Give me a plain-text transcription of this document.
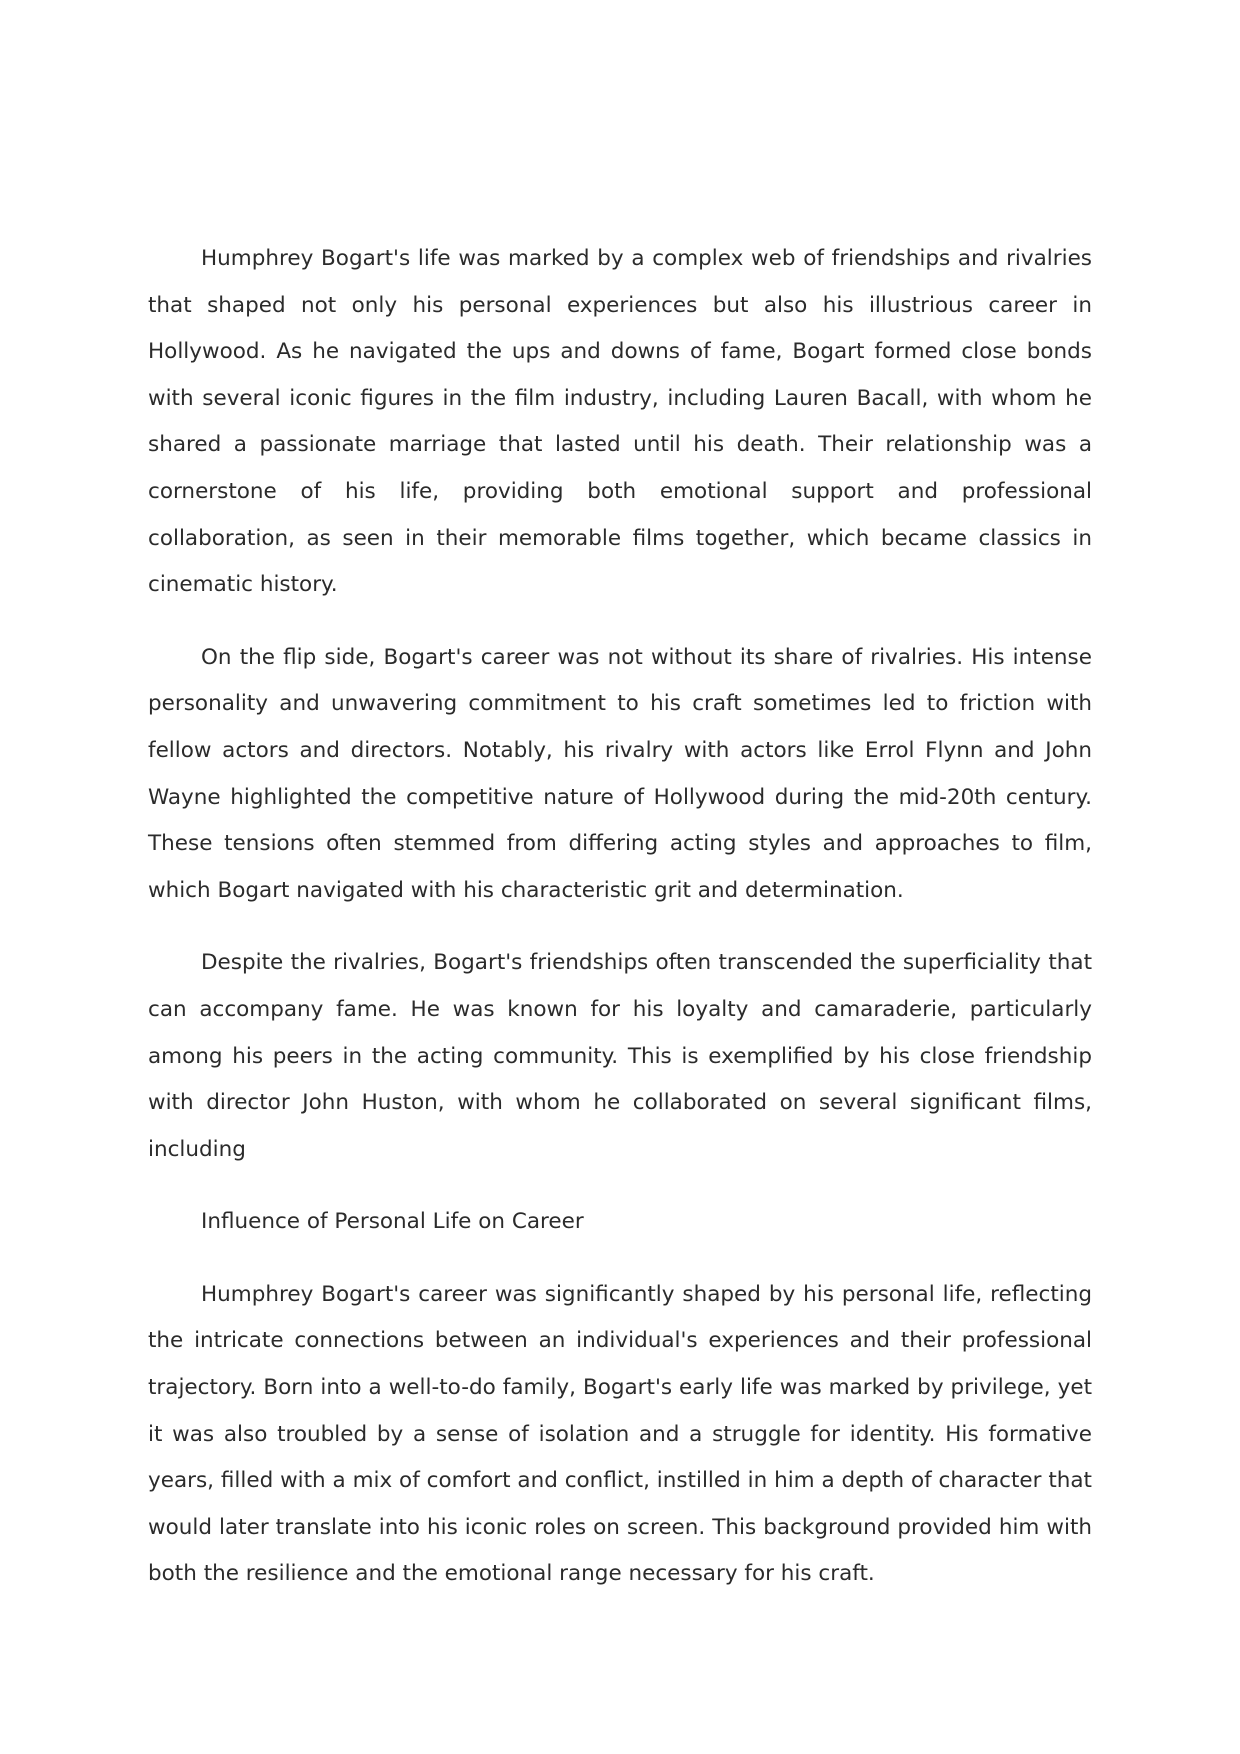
Humphrey Bogart's life was marked by a complex web of friendships and rivalries that shaped not only his personal experiences but also his illustrious career in Hollywood. As he navigated the ups and downs of fame, Bogart formed close bonds with several iconic figures in the film industry, including Lauren Bacall, with whom he shared a passionate marriage that lasted until his death. Their relationship was a cornerstone of his life, providing both emotional support and professional collaboration, as seen in their memorable films together, which became classics in cinematic history.

On the flip side, Bogart's career was not without its share of rivalries. His intense personality and unwavering commitment to his craft sometimes led to friction with fellow actors and directors. Notably, his rivalry with actors like Errol Flynn and John Wayne highlighted the competitive nature of Hollywood during the mid-20th century. These tensions often stemmed from differing acting styles and approaches to film, which Bogart navigated with his characteristic grit and determination.

Despite the rivalries, Bogart's friendships often transcended the superficiality that can accompany fame. He was known for his loyalty and camaraderie, particularly among his peers in the acting community. This is exemplified by his close friendship with director John Huston, with whom he collaborated on several significant films, including

Influence of Personal Life on Career

Humphrey Bogart's career was significantly shaped by his personal life, reflecting the intricate connections between an individual's experiences and their professional trajectory. Born into a well-to-do family, Bogart's early life was marked by privilege, yet it was also troubled by a sense of isolation and a struggle for identity. His formative years, filled with a mix of comfort and conflict, instilled in him a depth of character that would later translate into his iconic roles on screen. This background provided him with both the resilience and the emotional range necessary for his craft.
